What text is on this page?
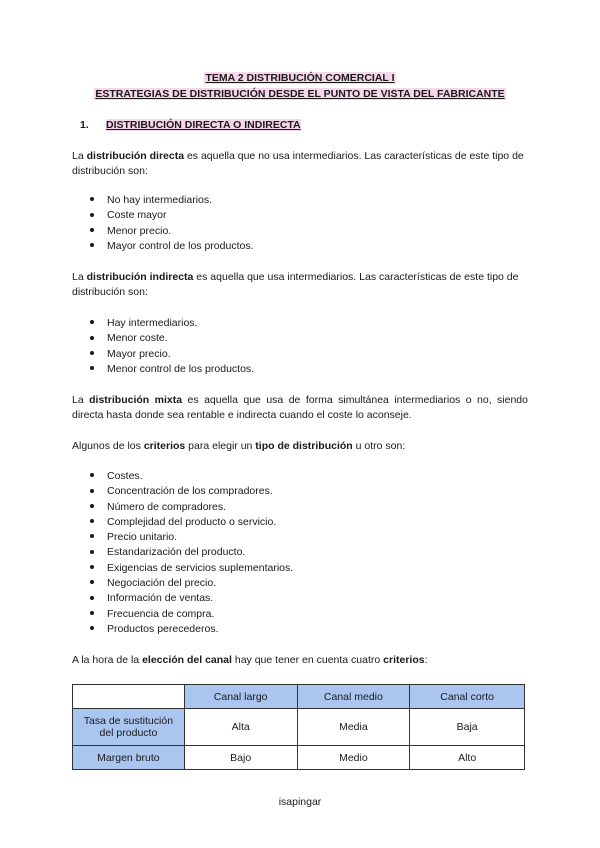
TEMA 2 DISTRIBUCIÓN COMERCIAL I
ESTRATEGIAS DE DISTRIBUCIÓN DESDE EL PUNTO DE VISTA DEL FABRICANTE
1. DISTRIBUCIÓN DIRECTA O INDIRECTA
La distribución directa es aquella que no usa intermediarios. Las características de este tipo de distribución son:
No hay intermediarios.
Coste mayor
Menor precio.
Mayor control de los productos.
La distribución indirecta es aquella que usa intermediarios. Las características de este tipo de distribución son:
Hay intermediarios.
Menor coste.
Mayor precio.
Menor control de los productos.
La distribución mixta es aquella que usa de forma simultánea intermediarios o no, siendo directa hasta donde sea rentable e indirecta cuando el coste lo aconseje.
Algunos de los criterios para elegir un tipo de distribución u otro son:
Costes.
Concentración de los compradores.
Número de compradores.
Complejidad del producto o servicio.
Precio unitario.
Estandarización del producto.
Exigencias de servicios suplementarios.
Negociación del precio.
Información de ventas.
Frecuencia de compra.
Productos perecederos.
A la hora de la elección del canal hay que tener en cuenta cuatro criterios:
	Canal largo	Canal medio	Canal corto
Tasa de sustitución del producto	Alta	Media	Baja
Margen bruto	Bajo	Medio	Alto
isapingar
